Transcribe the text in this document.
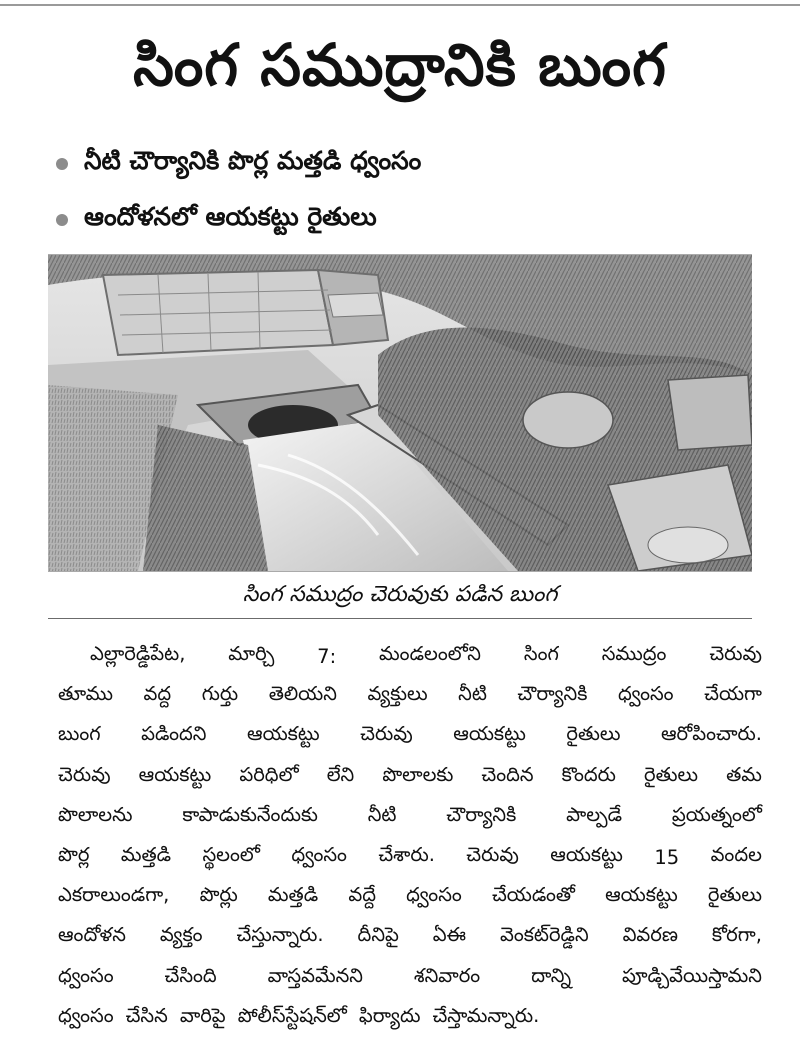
సింగ సముద్రానికి బుంగ
నీటి చౌర్యానికి పొర్ల మత్తడి ధ్వంసం
ఆందోళనలో ఆయకట్టు రైతులు
సింగ సముద్రం చెరువుకు పడిన బుంగ
ఎల్లారెడ్డిపేట, మార్చి 7: మండలంలోని సింగ సముద్రం చెరువు
తూము వద్ద గుర్తు తెలియని వ్యక్తులు నీటి చౌర్యానికి ధ్వంసం చేయగా
బుంగ పడిందని ఆయకట్టు చెరువు ఆయకట్టు రైతులు ఆరోపించారు.
చెరువు ఆయకట్టు పరిధిలో లేని పొలాలకు చెందిన కొందరు రైతులు తమ
పొలాలను	కాపాడుకునేందుకు	నీటి	చౌర్యానికి	పాల్పడే	ప్రయత్నంలో
పొర్ల మత్తడి స్థలంలో ధ్వంసం చేశారు. చెరువు ఆయకట్టు 15 వందల
ఎకరాలుండగా, పొర్లు మత్తడి వద్దే ధ్వంసం చేయడంతో ఆయకట్టు రైతులు
ఆందోళన వ్యక్తం చేస్తున్నారు. దీనిపై ఏఈ వెంకట్‌రెడ్డిని వివరణ కోరగా,
ధ్వంసం	చేసింది	వాస్తవమేనని	శనివారం	దాన్ని	పూడ్చివేయిస్తామని
ధ్వంసం చేసిన వారిపై పోలీస్‌స్టేషన్‌లో ఫిర్యాదు చేస్తామన్నారు.
